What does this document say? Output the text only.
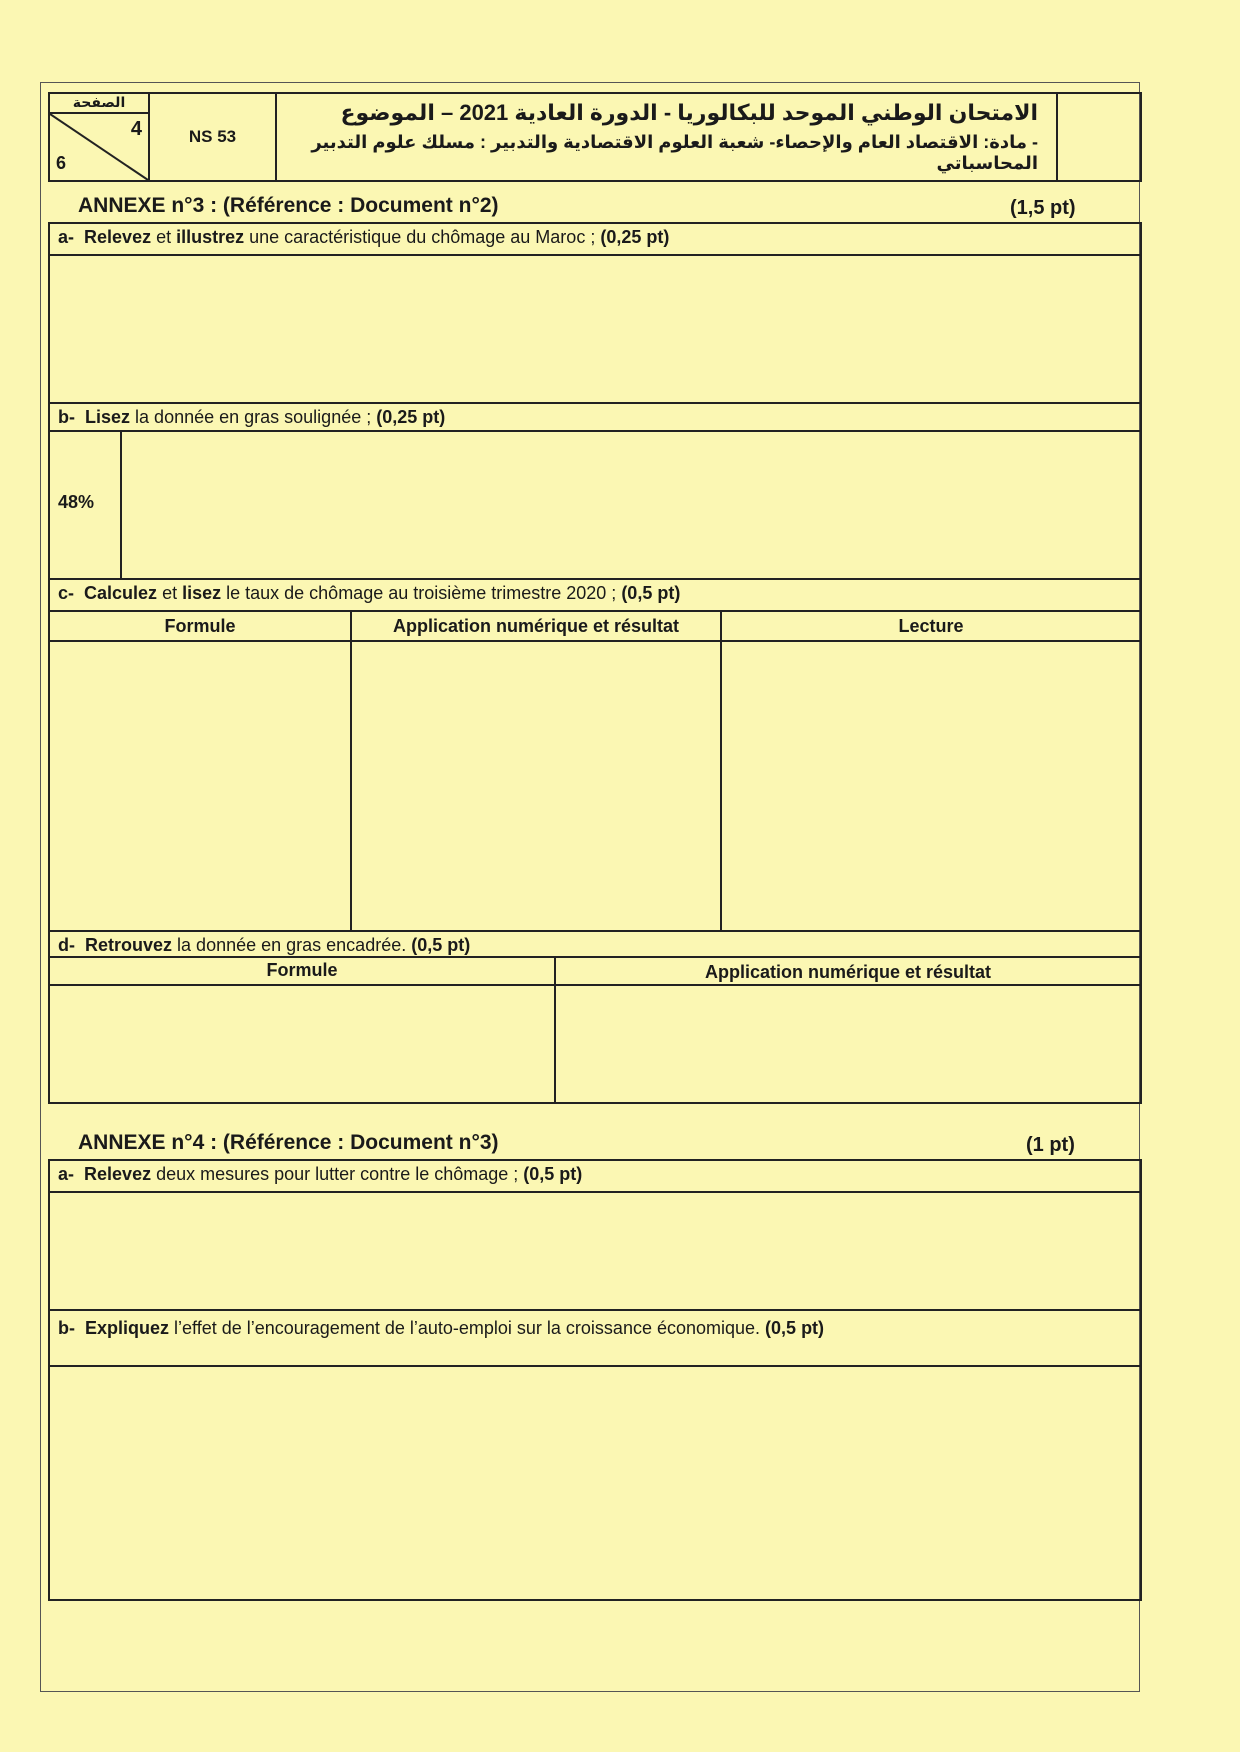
الصفحة
4
6
NS 53
الامتحان الوطني الموحد للبكالوريا - الدورة العادية 2021 – الموضوع
- مادة: الاقتصاد العام والإحصاء- شعبة العلوم الاقتصادية والتدبير : مسلك علوم التدبير المحاسباتي
ANNEXE n°3 : (Référence : Document n°2)	(1,5 pt)
a- Relevez et illustrez une caractéristique du chômage au Maroc ; (0,25 pt)
b- Lisez la donnée en gras soulignée ; (0,25 pt)
48%
c- Calculez et lisez le taux de chômage au troisième trimestre 2020 ; (0,5 pt)
Formule	Application numérique et résultat	Lecture
d- Retrouvez la donnée en gras encadrée. (0,5 pt)
Formule	Application numérique et résultat
ANNEXE n°4 : (Référence : Document n°3)	(1 pt)
a- Relevez deux mesures pour lutter contre le chômage ; (0,5 pt)
b- Expliquez l’effet de l’encouragement de l’auto-emploi sur la croissance économique. (0,5 pt)
